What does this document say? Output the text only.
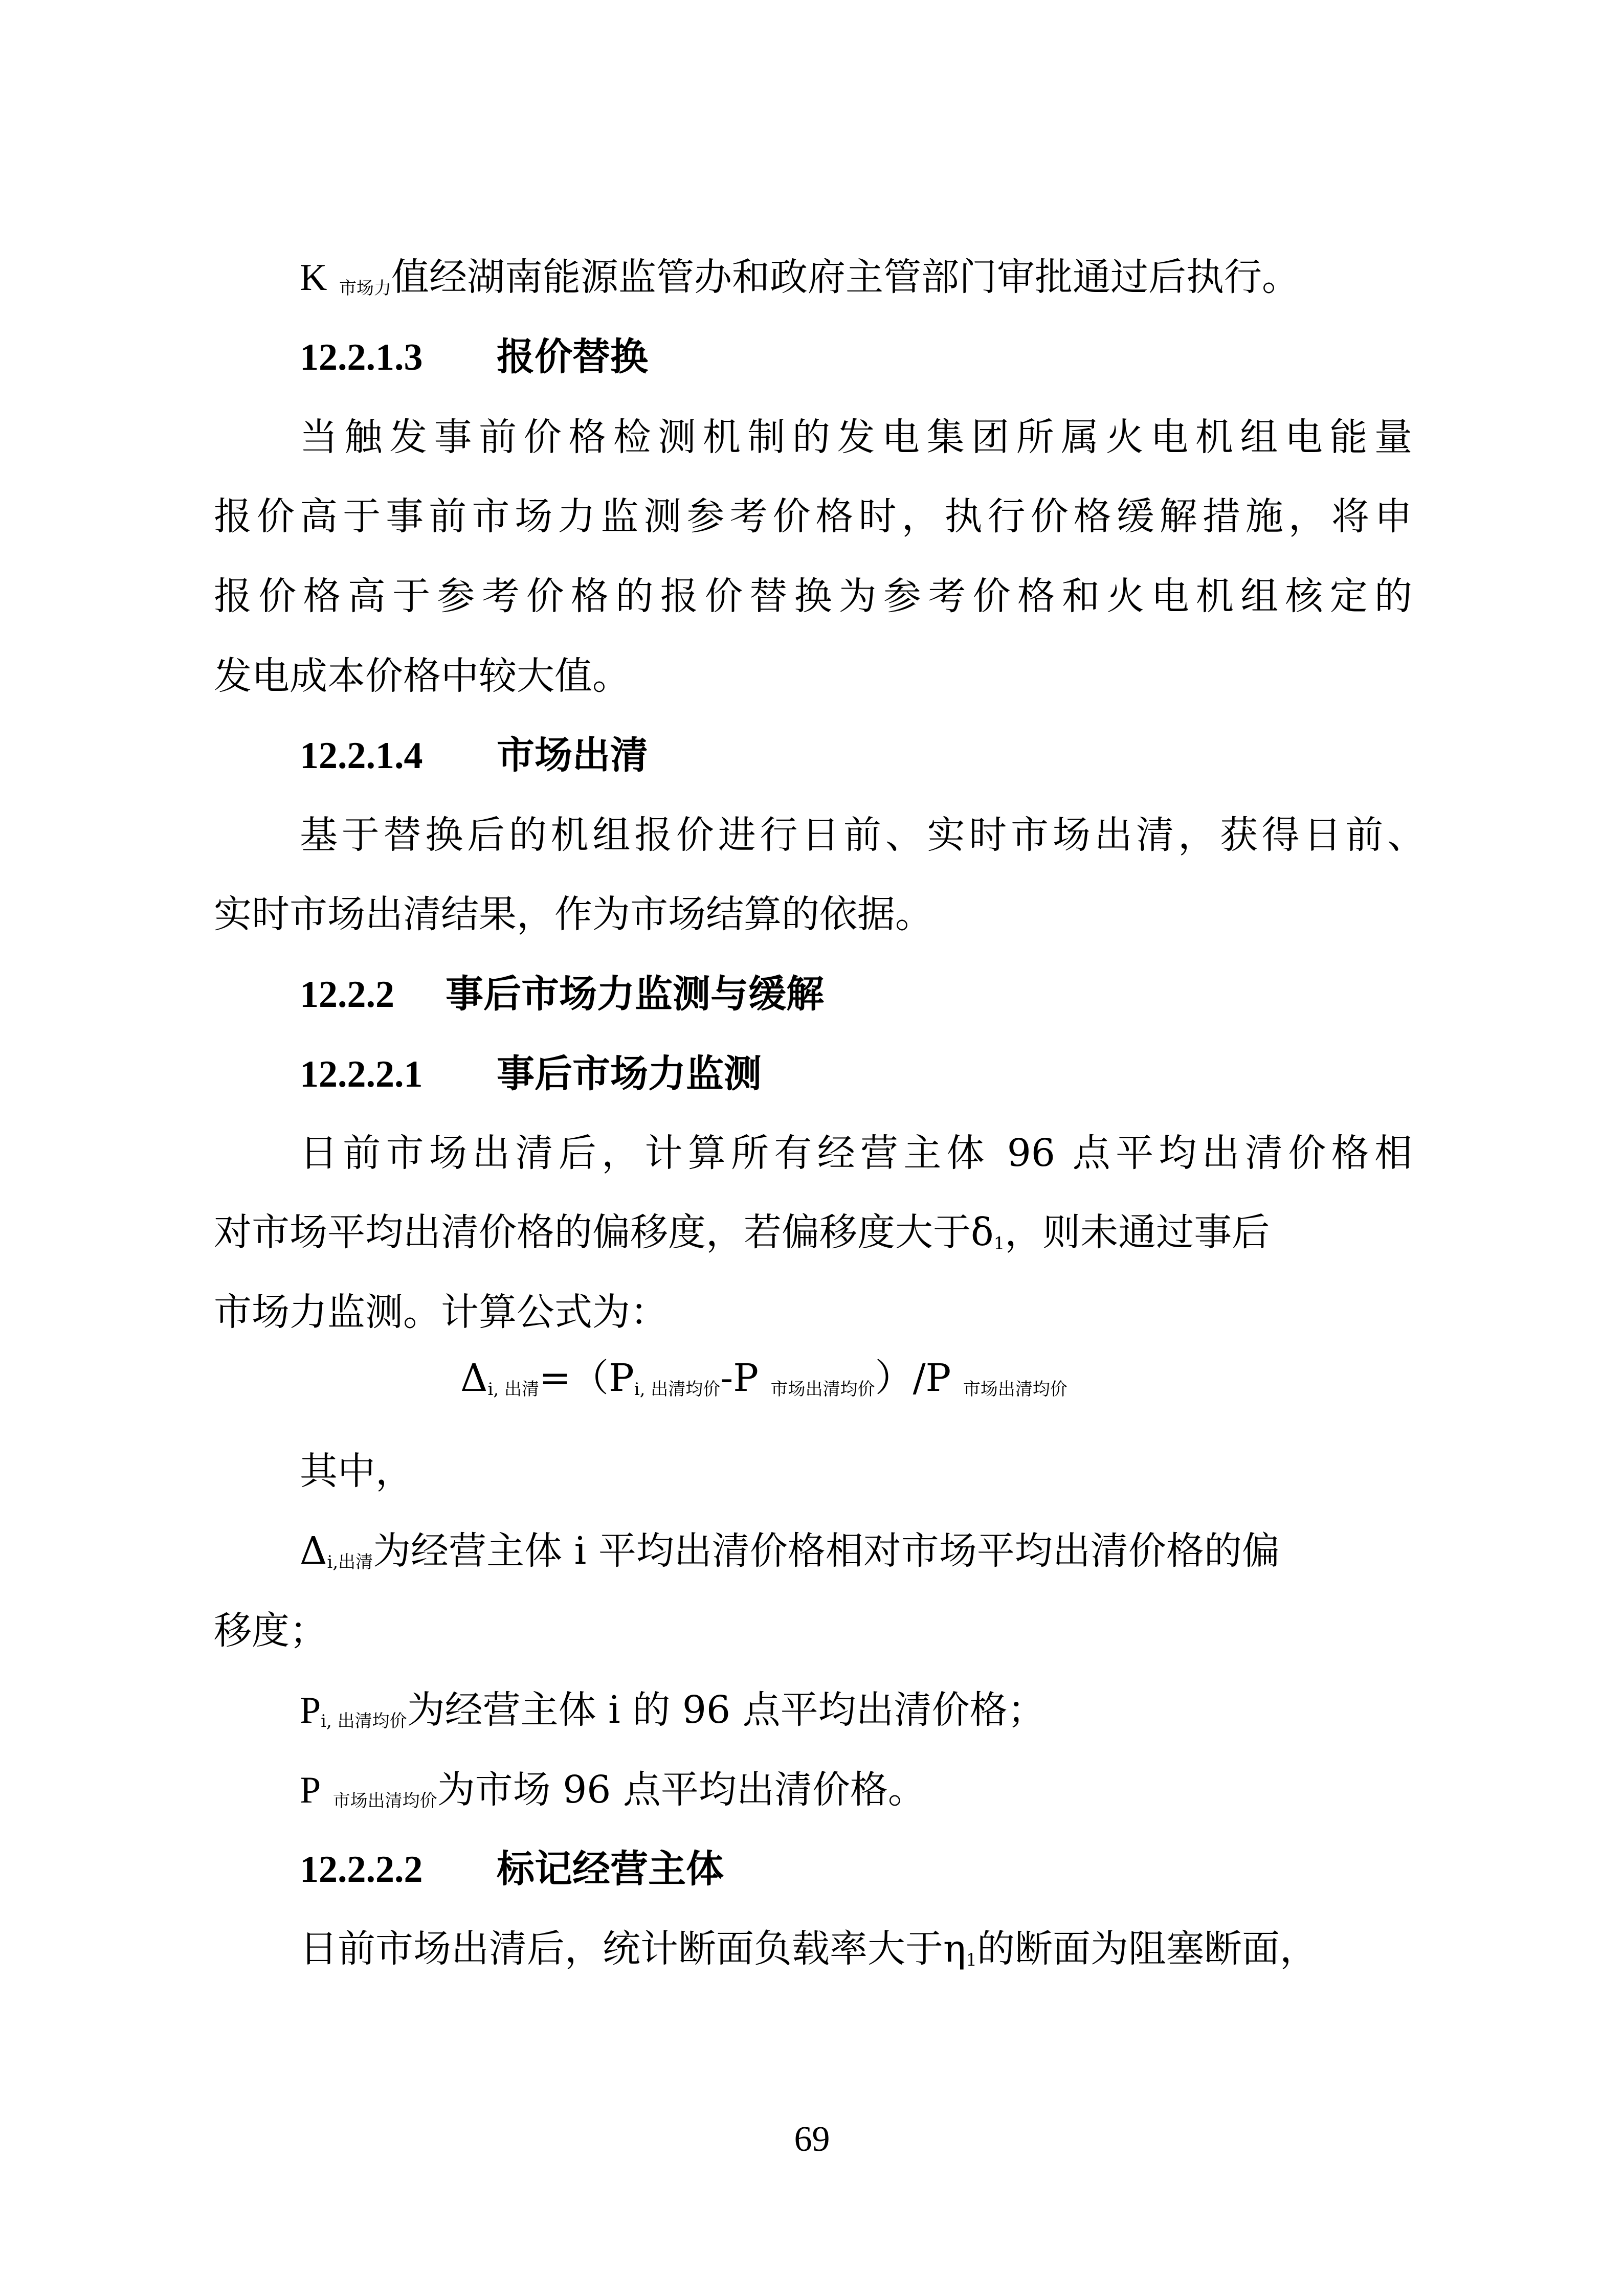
K 市场力值经湖南能源监管办和政府主管部门审批通过后执行。
12.2.1.3 报价替换
当触发事前价格检测机制的发电集团所属火电机组电能量
报价高于事前市场力监测参考价格时，执行价格缓解措施，将申
报价格高于参考价格的报价替换为参考价格和火电机组核定的
发电成本价格中较大值。
12.2.1.4 市场出清
基于替换后的机组报价进行日前、实时市场出清，获得日前、
实时市场出清结果，作为市场结算的依据。
12.2.2 事后市场力监测与缓解
12.2.2.1 事后市场力监测
日前市场出清后，计算所有经营主体 96 点平均出清价格相
对市场平均出清价格的偏移度，若偏移度大于δ1，则未通过事后
市场力监测。计算公式为：
Δi, 出清=（Pi, 出清均价-P 市场出清均价）/P 市场出清均价
其中，
Δi,出清为经营主体 i 平均出清价格相对市场平均出清价格的偏
移度；
Pi, 出清均价为经营主体 i 的 96 点平均出清价格；
P 市场出清均价为市场 96 点平均出清价格。
12.2.2.2 标记经营主体
日前市场出清后，统计断面负载率大于η1的断面为阻塞断面，
69
